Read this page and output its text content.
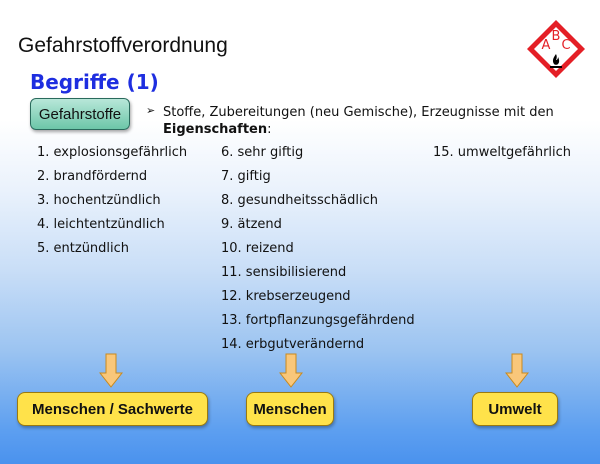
Gefahrstoffverordnung	B
A C
Begriffe (1)
Gefahrstoffe	➢ Stoffe, Zubereitungen (neu Gemische), Erzeugnisse mit den
Eigenschaften:
1. explosionsgefährlich
2. brandfördernd
3. hochentzündlich
4. leichtentzündlich
5. entzündlich
6. sehr giftig
7. giftig
8. gesundheitsschädlich
9. ätzend
10. reizend
11. sensibilisierend
12. krebserzeugend
13. fortpflanzungsgefährdend
14. erbgutverändernd
15. umweltgefährlich
Menschen / Sachwerte	Menschen	Umwelt
